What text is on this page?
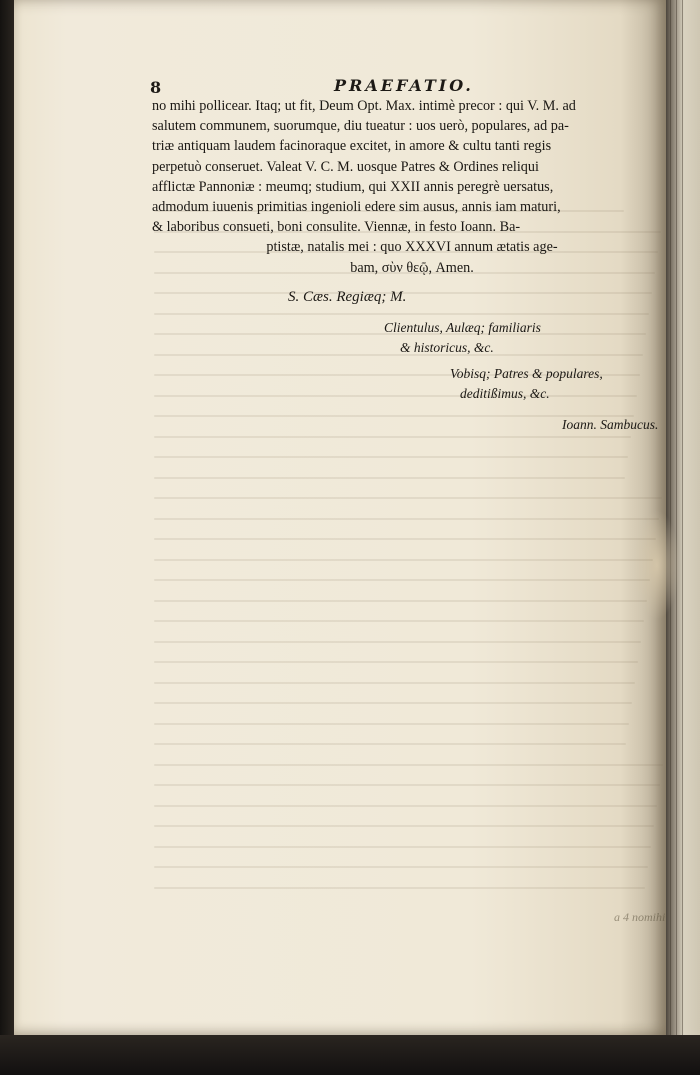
8	PRAEFATIO.
no mihi pollicear. Itaq; ut fit, Deum Opt. Max. intimè precor : qui V. M. ad
salutem communem, suorumque, diu tueatur : uos uerò, populares, ad pa-
triæ antiquam laudem facinoraque excitet, in amore & cultu tanti regis
perpetuò conseruet. Valeat V. C. M. uosque Patres & Ordines reliqui
afflictæ Pannoniæ : meumq; studium, qui XXII annis peregrè uersatus,
admodum iuuenis primitias ingenioli edere sim ausus, annis iam maturi,
& laboribus consueti, boni consulite. Viennæ, in festo Ioann. Ba-
ptistæ, natalis mei : quo XXXVI annum ætatis age-
bam, σὺν θεῷ, Amen.
S. Cæs. Regiæq; M.
Clientulus, Aulæq; familiaris
& historicus, &c.
Vobisq; Patres & populares,
deditißimus, &c.
Ioann. Sambucus.
a 4 nomihi
